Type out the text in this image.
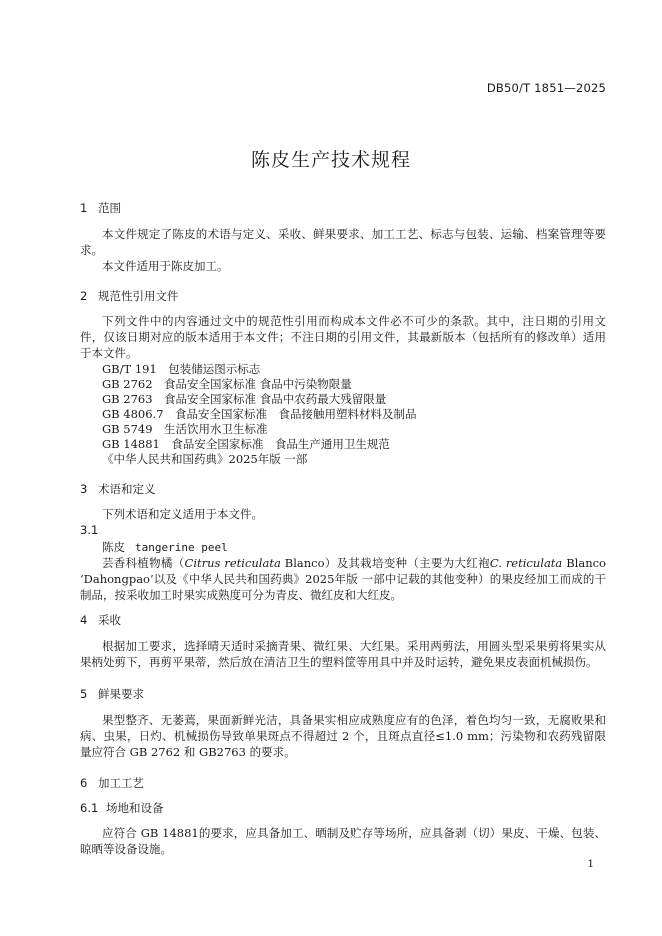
DB50/T 1851—2025
陈皮生产技术规程
1 范围
本文件规定了陈皮的术语与定义、采收、鲜果要求、加工工艺、标志与包装、运输、档案管理等要求。
本文件适用于陈皮加工。
2 规范性引用文件
下列文件中的内容通过文中的规范性引用而构成本文件必不可少的条款。其中，注日期的引用文件，仅该日期对应的版本适用于本文件；不注日期的引用文件，其最新版本（包括所有的修改单）适用于本文件。
GB/T 191　包装储运图示标志
GB 2762　食品安全国家标准 食品中污染物限量
GB 2763　食品安全国家标准 食品中农药最大残留限量
GB 4806.7　食品安全国家标准　食品接触用塑料材料及制品
GB 5749　生活饮用水卫生标准
GB 14881　食品安全国家标准　食品生产通用卫生规范
《中华人民共和国药典》2025年版 一部
3 术语和定义
下列术语和定义适用于本文件。
3.1
陈皮 tangerine peel
芸香科植物橘（Citrus reticulata Blanco）及其栽培变种（主要为大红袍C. reticulata Blanco ‘Dahongpao’以及《中华人民共和国药典》2025年版 一部中记载的其他变种）的果皮经加工而成的干制品，按采收加工时果实成熟度可分为青皮、微红皮和大红皮。
4 采收
根据加工要求，选择晴天适时采摘青果、微红果、大红果。采用两剪法，用圆头型采果剪将果实从果柄处剪下，再剪平果蒂，然后放在清洁卫生的塑料筐等用具中并及时运转，避免果皮表面机械损伤。
5 鲜果要求
果型整齐、无萎蔫，果面新鲜光洁，具备果实相应成熟度应有的色泽，着色均匀一致，无腐败果和病、虫果，日灼、机械损伤导致单果斑点不得超过 2 个，且斑点直径≤1.0 mm；污染物和农药残留限量应符合 GB 2762 和 GB2763 的要求。
6 加工工艺
6.1 场地和设备
应符合 GB 14881的要求，应具备加工、晒制及贮存等场所，应具备剥（切）果皮、干燥、包装、晾晒等设备设施。
1
